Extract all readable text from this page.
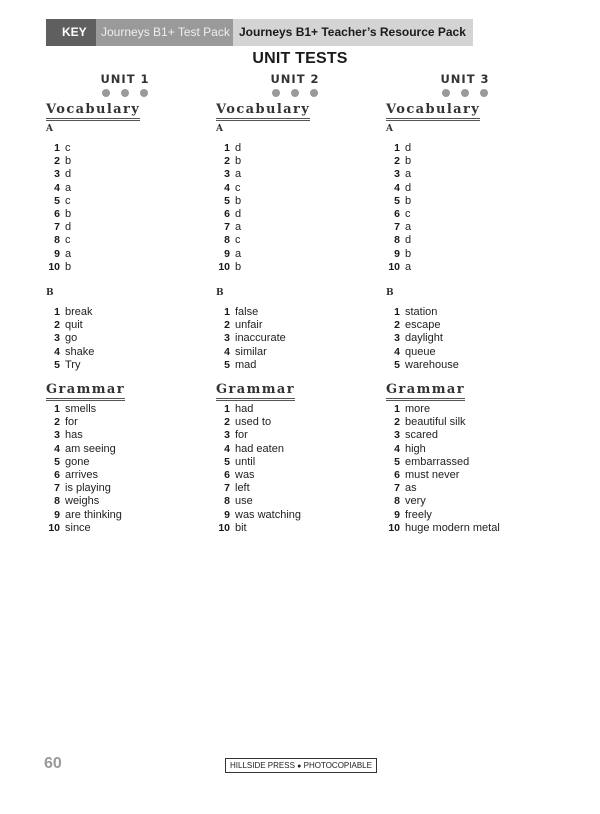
KEY	Journeys B1+ Test Pack Journeys B1+ Teacher’s Resource Pack
UNIT TESTS
UNIT 1
Vocabulary
A
1 c
2 b
3 d
4 a
5 c
6 b
7 d
8 c
9 a
10 b
B
1 break
2 quit
3 go
4 shake
5 Try
Grammar
1 smells
2 for
3 has
4 am seeing
5 gone
6 arrives
7 is playing
8 weighs
9 are thinking
10 since
UNIT 2
Vocabulary
A
1 d
2 b
3 a
4 c
5 b
6 d
7 a
8 c
9 a
10 b
B
1 false
2 unfair
3 inaccurate
4 similar
5 mad
Grammar
1 had
2 used to
3 for
4 had eaten
5 until
6 was
7 left
8 use
9 was watching
10 bit
UNIT 3
Vocabulary
A
1 d
2 b
3 a
4 d
5 b
6 c
7 a
8 d
9 b
10 a
B
1 station
2 escape
3 daylight
4 queue
5 warehouse
Grammar
1 more
2 beautiful silk
3 scared
4 high
5 embarrassed
6 must never
7 as
8 very
9 freely
10 huge modern metal
60	HILLSIDE PRESS ● PHOTOCOPIABLE
